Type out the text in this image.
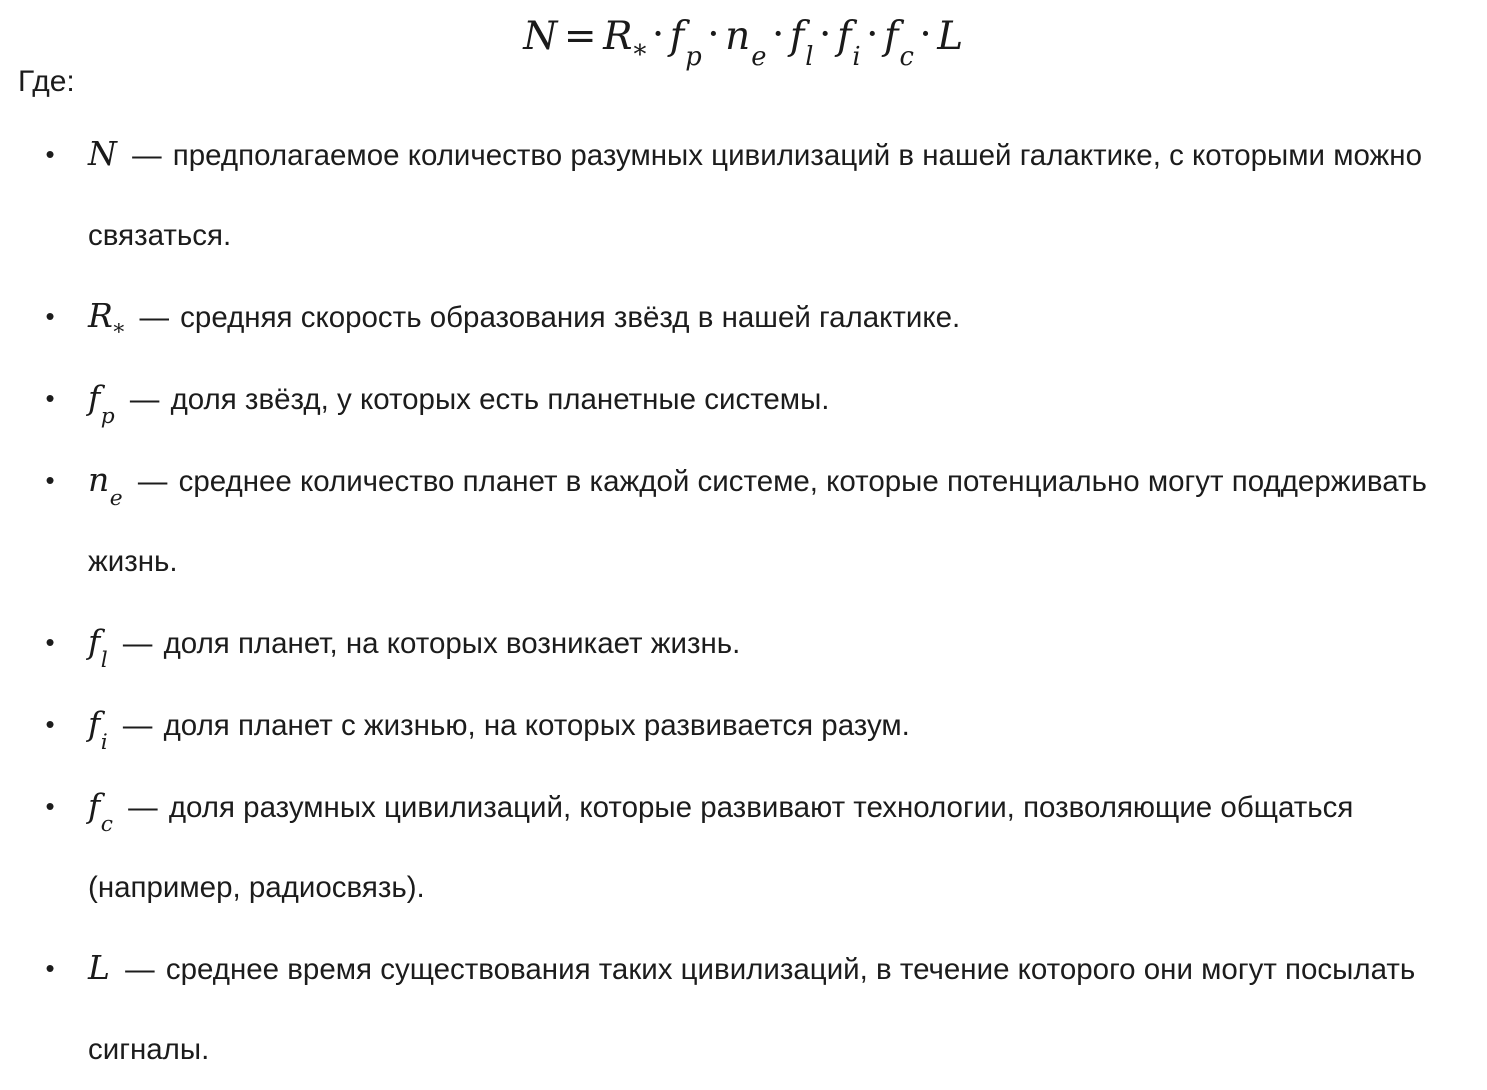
$N = R_* \cdot f_p \cdot n_e \cdot f_l \cdot f_i \cdot f_c \cdot L$

Где:

• N — предполагаемое количество разумных цивилизаций в нашей галактике, с которыми можно связаться.
• $R_*$ — средняя скорость образования звёзд в нашей галактике.
• $f_p$ — доля звёзд, у которых есть планетные системы.
• $n_e$ — среднее количество планет в каждой системе, которые потенциально могут поддерживать жизнь.
• $f_l$ — доля планет, на которых возникает жизнь.
• $f_i$ — доля планет с жизнью, на которых развивается разум.
• $f_c$ — доля разумных цивилизаций, которые развивают технологии, позволяющие общаться (например, радиосвязь).
• L — среднее время существования таких цивилизаций, в течение которого они могут посылать сигналы.
